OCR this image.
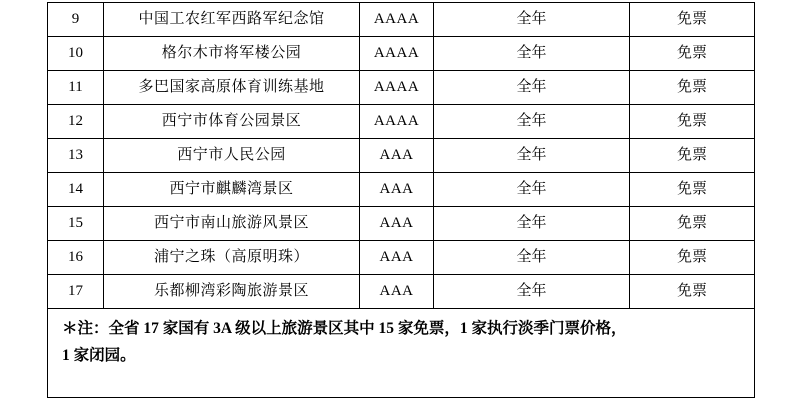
9	中国工农红军西路军纪念馆	AAAA	全年	免票
10	格尔木市将军楼公园	AAAA	全年	免票
11	多巴国家高原体育训练基地	AAAA	全年	免票
12	西宁市体育公园景区	AAAA	全年	免票
13	西宁市人民公园	AAA	全年	免票
14	西宁市麒麟湾景区	AAA	全年	免票
15	西宁市南山旅游风景区	AAA	全年	免票
16	浦宁之珠（高原明珠）	AAA	全年	免票
17	乐都柳湾彩陶旅游景区	AAA	全年	免票

＊注：全省 17 家国有 3A 级以上旅游景区其中 15 家免票，1 家执行淡季门票价格，
1 家闭园。				
